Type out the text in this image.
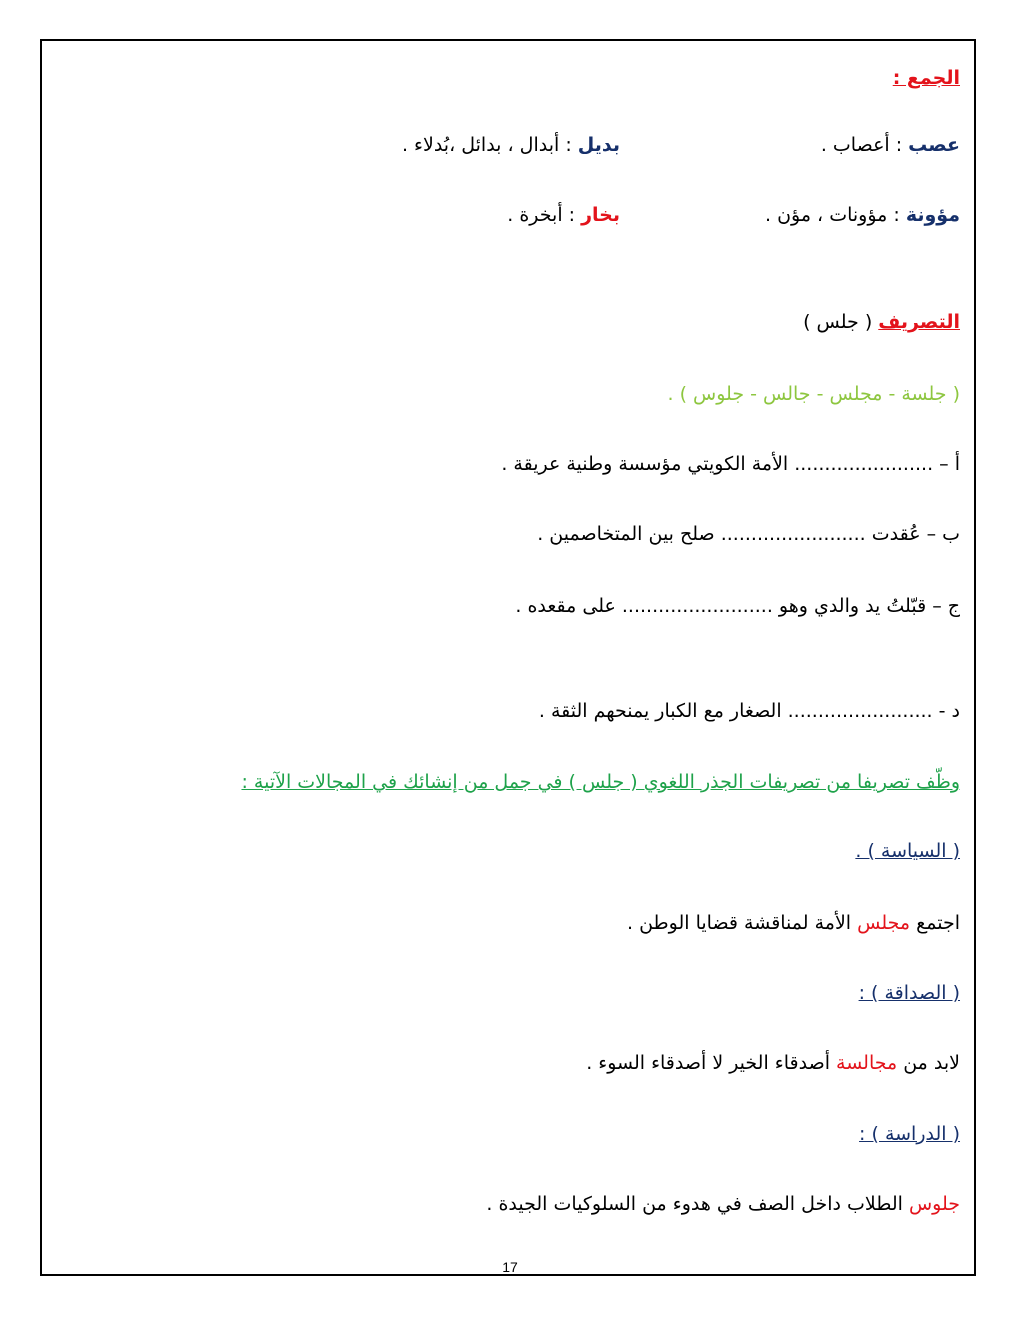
الجمع :
عصب : أعصاب .
بديل : أبدال ، بدائل ،بُدلاء .
مؤونة : مؤونات ، مؤن .
بخار : أبخرة .
التصريف ( جلس )
( جلسة - مجلس - جالس - جلوس ) .
أ – ....................... الأمة الكويتي مؤسسة وطنية عريقة .
ب – عُقدت ........................ صلح بين المتخاصمين .
ج – قبّلتُ يد والدي وهو ......................... على مقعده .
د - ........................ الصغار مع الكبار يمنحهم الثقة .
وظّف تصريفا من تصريفات الجذر اللغوي ( جلس ) في جمل من إنشائك في المجالات الآتية :
( السياسة ) .
اجتمع مجلس الأمة لمناقشة قضايا الوطن .
( الصداقة ) :
لابد من مجالسة أصدقاء الخير لا أصدقاء السوء .
( الدراسة ) :
جلوس الطلاب داخل الصف في هدوء من السلوكيات الجيدة .
17
